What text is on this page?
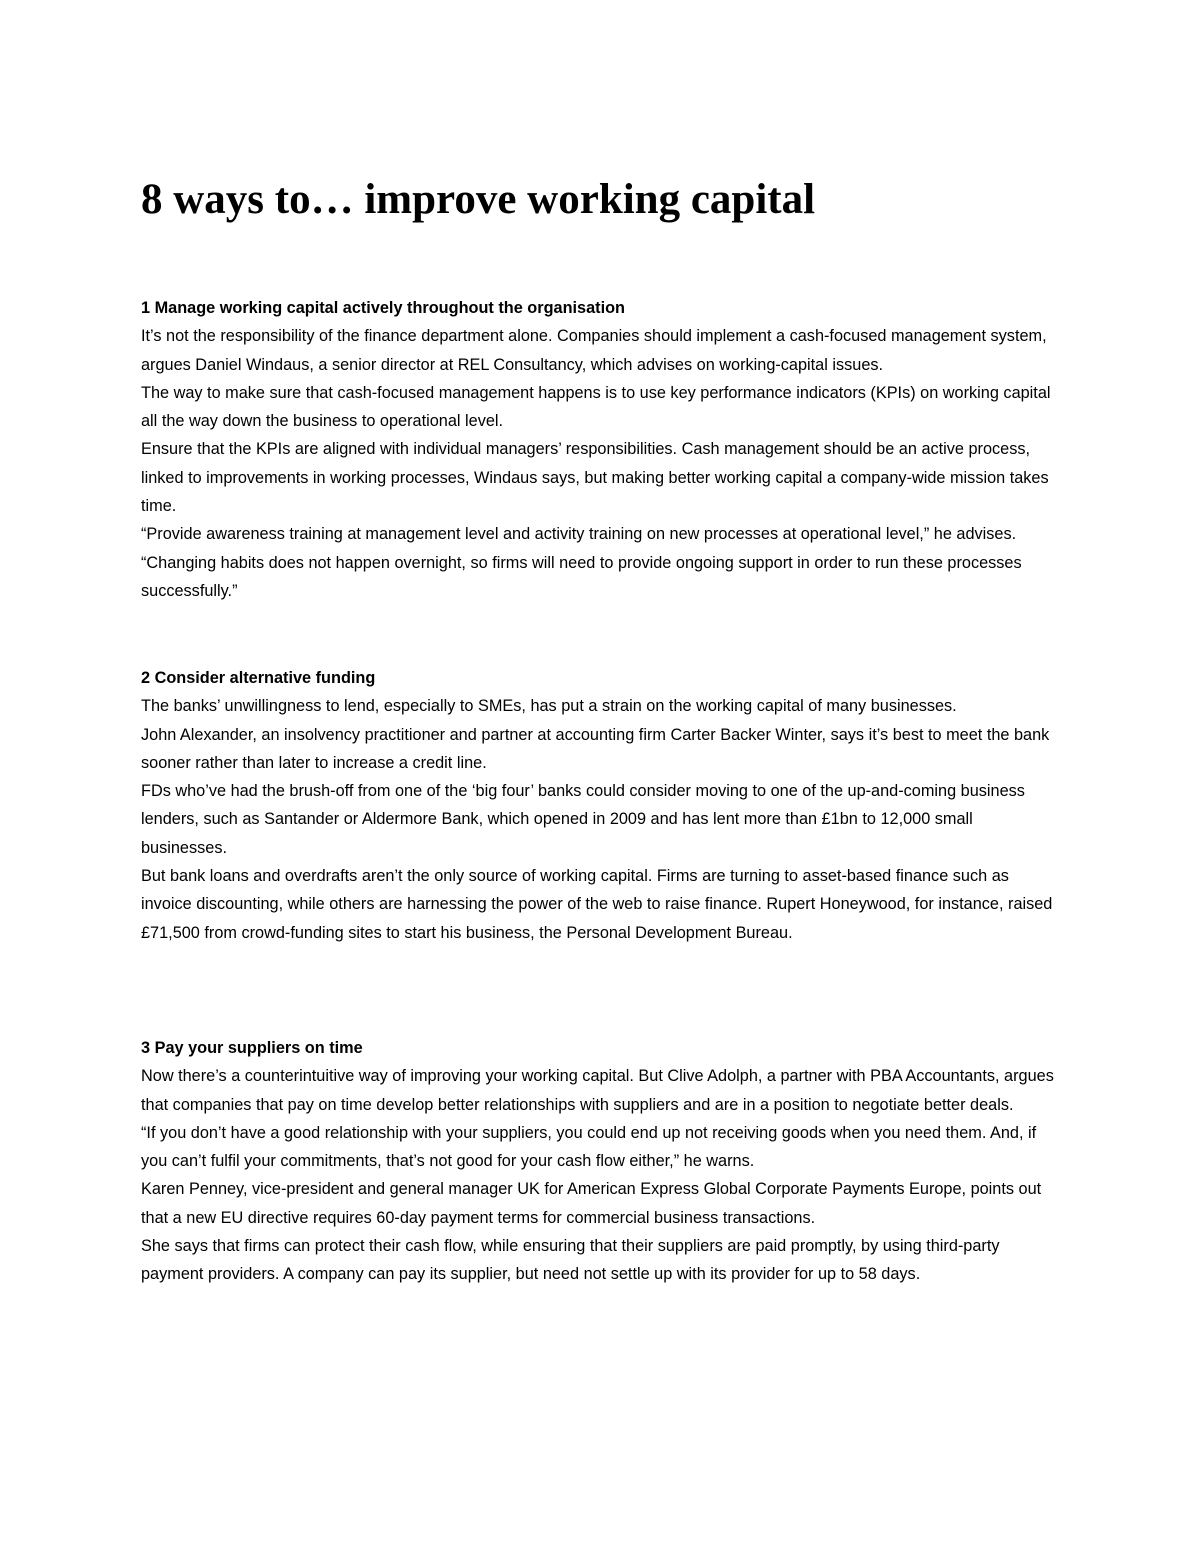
8 ways to… improve working capital

1 Manage working capital actively throughout the organisation

It’s not the responsibility of the finance department alone. Companies should implement a cash-focused management system, argues Daniel Windaus, a senior director at REL Consultancy, which advises on working-capital issues.

The way to make sure that cash-focused management happens is to use key performance indicators (KPIs) on working capital all the way down the business to operational level.

Ensure that the KPIs are aligned with individual managers’ responsibilities. Cash management should be an active process, linked to improvements in working processes, Windaus says, but making better working capital a company-wide mission takes time.

“Provide awareness training at management level and activity training on new processes at operational level,” he advises. “Changing habits does not happen overnight, so firms will need to provide ongoing support in order to run these processes successfully.”

2 Consider alternative funding

The banks’ unwillingness to lend, especially to SMEs, has put a strain on the working capital of many businesses.

John Alexander, an insolvency practitioner and partner at accounting firm Carter Backer Winter, says it’s best to meet the bank sooner rather than later to increase a credit line.

FDs who’ve had the brush-off from one of the ‘big four’ banks could consider moving to one of the up-and-coming business lenders, such as Santander or Aldermore Bank, which opened in 2009 and has lent more than £1bn to 12,000 small businesses.

But bank loans and overdrafts aren’t the only source of working capital. Firms are turning to asset-based finance such as invoice discounting, while others are harnessing the power of the web to raise finance. Rupert Honeywood, for instance, raised £71,500 from crowd-funding sites to start his business, the Personal Development Bureau.

3 Pay your suppliers on time

Now there’s a counterintuitive way of improving your working capital. But Clive Adolph, a partner with PBA Accountants, argues that companies that pay on time develop better relationships with suppliers and are in a position to negotiate better deals.

“If you don’t have a good relationship with your suppliers, you could end up not receiving goods when you need them. And, if you can’t fulfil your commitments, that’s not good for your cash flow either,” he warns.

Karen Penney, vice-president and general manager UK for American Express Global Corporate Payments Europe, points out that a new EU directive requires 60-day payment terms for commercial business transactions.

She says that firms can protect their cash flow, while ensuring that their suppliers are paid promptly, by using third-party payment providers. A company can pay its supplier, but need not settle up with its provider for up to 58 days.
